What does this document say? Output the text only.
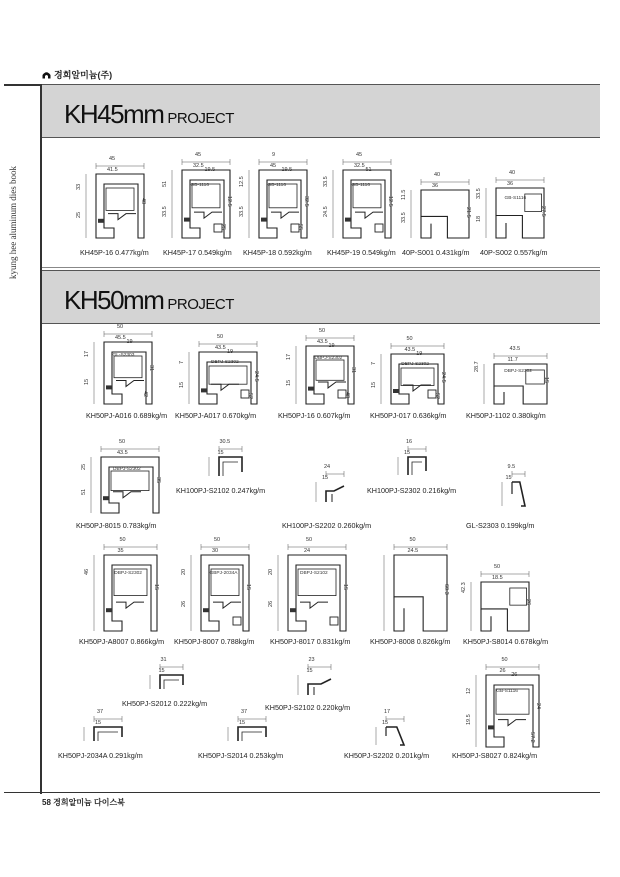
경희알미늄(주)
kyung hee aluminum dies book
KH45mm PROJECT
KH50mm PROJECT
45
41.5
48
33
25
KH45P-16 0.477kg/m
45
32.5
12.5
51
33.5
19.5
25
GB-1116
KH45P-17 0.549kg/m
9
45
32.5
12.5
33.5
19.5
55
GB-1116
KH45P-18 0.592kg/m
45
32.5
12.5
33.5
24.5
51
GB-1116
KH45P-19 0.549kg/m
40
36
21.5
11.5
33.5
40P-S001 0.431kg/m
40
36
27.5
33.5
18
GB-S1116
40P-S002 0.557kg/m
50
45.5
31
17
15
19
42
GL-S2303
KH50PJ-A016 0.689kg/m
50
43.5
24.5
7
15
19
52
DBPJ-S2302
KH50PJ-A017 0.670kg/m
50
43.5
31
17
15
19
40
DBPJ-S2302
KH50PJ-16 0.607kg/m
50
43.5
24.5
7
15
19
52
DBPJ-S2302
KH50PJ-017 0.636kg/m
43.5
11.7
15
28.7	DBPJ-S2302
KH50PJ-1102 0.380kg/m
50
43.5
35
25
51
DBPJ-S2302
KH50PJ-8015 0.783kg/m
30.5
15
KH100PJ-S2102 0.247kg/m
24
15
KH100PJ-S2202 0.260kg/m
16
15
KH100PJ-S2302 0.216kg/m
9.5
15
GL-S2303 0.199kg/m
50
35
15
46	DBPJ-S2302
KH50PJ-A8007 0.866kg/m
50
30
15
20
26
GBPJ-2034A
KH50PJ-8007 0.788kg/m
50
24
15
20
26
DBPJ-S2102
KH50PJ-8017 0.831kg/m
50
24.5
60.3
KH50PJ-8008 0.826kg/m
50
18.5
26
42.3
KH50PJ-S8014 0.678kg/m
31
15
KH50PJ-S2012 0.222kg/m
23
15
KH50PJ-S2102 0.220kg/m
37
15
KH50PJ-2034A 0.291kg/m
37
15
KH50PJ-S2014 0.253kg/m
17
15
KH50PJ-S2202 0.201kg/m
50
26
24
12
19.5
26
57.2
GB-S1116
KH50PJ-S8027 0.824kg/m
58 경희알미늄 다이스북
